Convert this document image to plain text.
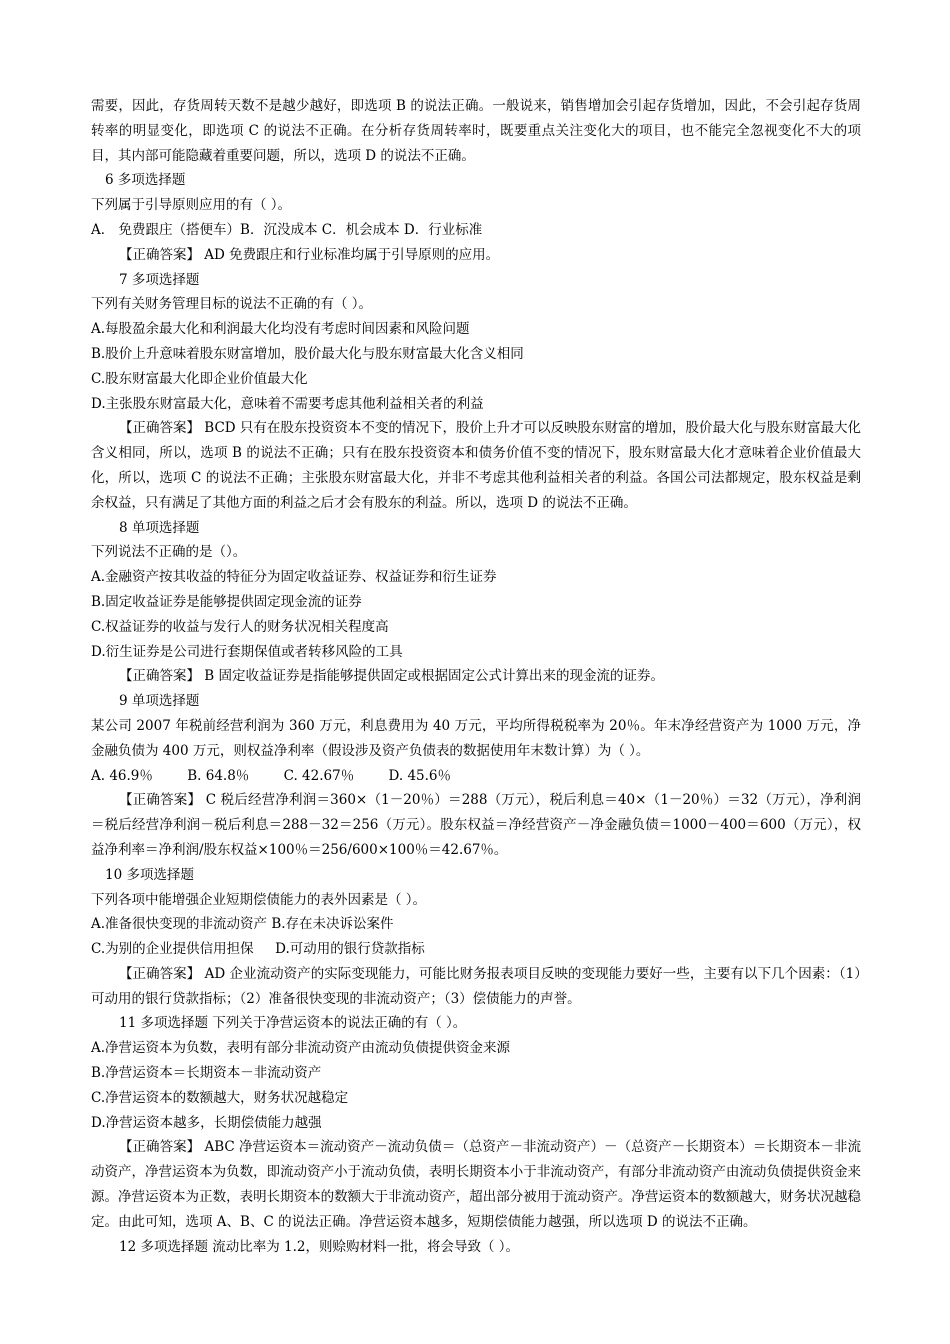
需要，因此，存货周转天数不是越少越好，即选项 B 的说法正确。一般说来，销售增加会引起存货增加，因此，不会引起存货周转率的明显变化，即选项 C 的说法不正确。在分析存货周转率时，既要重点关注变化大的项目，也不能完全忽视变化不大的项目，其内部可能隐藏着重要问题，所以，选项 D 的说法不正确。

6 多项选择题

下列属于引导原则应用的有（ ）。

A． 免费跟庄（搭便车）B．沉没成本 C．机会成本 D．行业标准

【正确答案】 AD 免费跟庄和行业标准均属于引导原则的应用。

7 多项选择题

下列有关财务管理目标的说法不正确的有（ ）。

A.每股盈余最大化和利润最大化均没有考虑时间因素和风险问题

B.股价上升意味着股东财富增加，股价最大化与股东财富最大化含义相同

C.股东财富最大化即企业价值最大化

D.主张股东财富最大化，意味着不需要考虑其他利益相关者的利益

【正确答案】 BCD 只有在股东投资资本不变的情况下，股价上升才可以反映股东财富的增加，股价最大化与股东财富最大化含义相同，所以，选项 B 的说法不正确；只有在股东投资资本和债务价值不变的情况下，股东财富最大化才意味着企业价值最大化，所以，选项 C 的说法不正确；主张股东财富最大化，并非不考虑其他利益相关者的利益。各国公司法都规定，股东权益是剩余权益，只有满足了其他方面的利益之后才会有股东的利益。所以，选项 D 的说法不正确。

8 单项选择题

下列说法不正确的是（）。

A.金融资产按其收益的特征分为固定收益证券、权益证券和衍生证券

B.固定收益证券是能够提供固定现金流的证券

C.权益证券的收益与发行人的财务状况相关程度高

D.衍生证券是公司进行套期保值或者转移风险的工具

【正确答案】 B 固定收益证券是指能够提供固定或根据固定公式计算出来的现金流的证券。

9 单项选择题

某公司 2007 年税前经营利润为 360 万元，利息费用为 40 万元，平均所得税税率为 20％。年末净经营资产为 1000 万元，净金融负债为 400 万元，则权益净利率（假设涉及资产负债表的数据使用年末数计算）为（ ）。

A. 46.9％        B. 64.8％        C. 42.67％        D. 45.6％

【正确答案】 C 税后经营净利润＝360×（1－20％）＝288（万元），税后利息＝40×（1－20％）＝32（万元），净利润＝税后经营净利润－税后利息＝288－32＝256（万元）。股东权益＝净经营资产－净金融负债＝1000－400＝600（万元），权益净利率＝净利润/股东权益×100％＝256/600×100％＝42.67％。

10 多项选择题

下列各项中能增强企业短期偿债能力的表外因素是（ ）。

A.准备很快变现的非流动资产 B.存在未决诉讼案件

C.为别的企业提供信用担保     D.可动用的银行贷款指标

【正确答案】 AD 企业流动资产的实际变现能力，可能比财务报表项目反映的变现能力要好一些，主要有以下几个因素：（1）可动用的银行贷款指标；（2）准备很快变现的非流动资产；（3）偿债能力的声誉。

11 多项选择题 下列关于净营运资本的说法正确的有（ ）。

A.净营运资本为负数，表明有部分非流动资产由流动负债提供资金来源

B.净营运资本＝长期资本－非流动资产

C.净营运资本的数额越大，财务状况越稳定

D.净营运资本越多，长期偿债能力越强

【正确答案】 ABC 净营运资本＝流动资产－流动负债＝（总资产－非流动资产）－（总资产－长期资本）＝长期资本－非流动资产，净营运资本为负数，即流动资产小于流动负债，表明长期资本小于非流动资产，有部分非流动资产由流动负债提供资金来源。净营运资本为正数，表明长期资本的数额大于非流动资产，超出部分被用于流动资产。净营运资本的数额越大，财务状况越稳定。由此可知，选项 A、B、C 的说法正确。净营运资本越多，短期偿债能力越强，所以选项 D 的说法不正确。

12 多项选择题 流动比率为 1.2，则赊购材料一批，将会导致（ ）。
